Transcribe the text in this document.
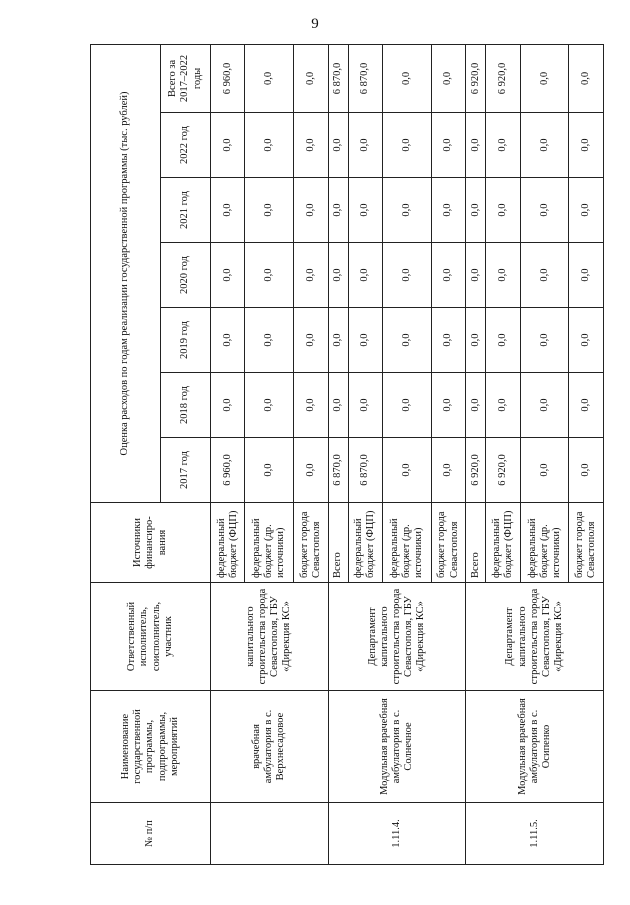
9
№ п/п	Наименование государственной программы, подпрограммы, мероприятий	Ответственный исполнитель, соисполнитель, участник	Источники финансиро-вания	Оценка расходов по годам реализации государственной программы (тыс. рублей)						
				2017 год	2018 год	2019 год	2020 год	2021 год	2022 год	Всего за 2017–2022 годы
	врачебная амбулатория в с. Верхнесадовое	капитального строительства города Севастополя, ГБУ «Дирекция КС»	федеральный бюджет (ФЦП)	6 960,0	0,0	0,0	0,0	0,0	0,0	6 960,0
			федеральный бюджет (др. источники)	0,0	0,0	0,0	0,0	0,0	0,0	0,0
			бюджет города Севастополя	0,0	0,0	0,0	0,0	0,0	0,0	0,0
1.11.4.	Модульная врачебная амбулатория в с. Солнечное	Департамент капитального строительства города Севастополя, ГБУ «Дирекция КС»	Всего	6 870,0	0,0	0,0	0,0	0,0	0,0	6 870,0
			федеральный бюджет (ФЦП)	6 870,0	0,0	0,0	0,0	0,0	0,0	6 870,0
			федеральный бюджет (др. источники)	0,0	0,0	0,0	0,0	0,0	0,0	0,0
			бюджет города Севастополя	0,0	0,0	0,0	0,0	0,0	0,0	0,0
1.11.5.	Модульная врачебная амбулатория в с. Осипенко	Департамент капитального строительства города Севастополя, ГБУ «Дирекция КС»	Всего	6 920,0	0,0	0,0	0,0	0,0	0,0	6 920,0
			федеральный бюджет (ФЦП)	6 920,0	0,0	0,0	0,0	0,0	0,0	6 920,0
			федеральный бюджет (др. источники)	0,0	0,0	0,0	0,0	0,0	0,0	0,0
			бюджет города Севастополя	0,0	0,0	0,0	0,0	0,0	0,0	0,0
